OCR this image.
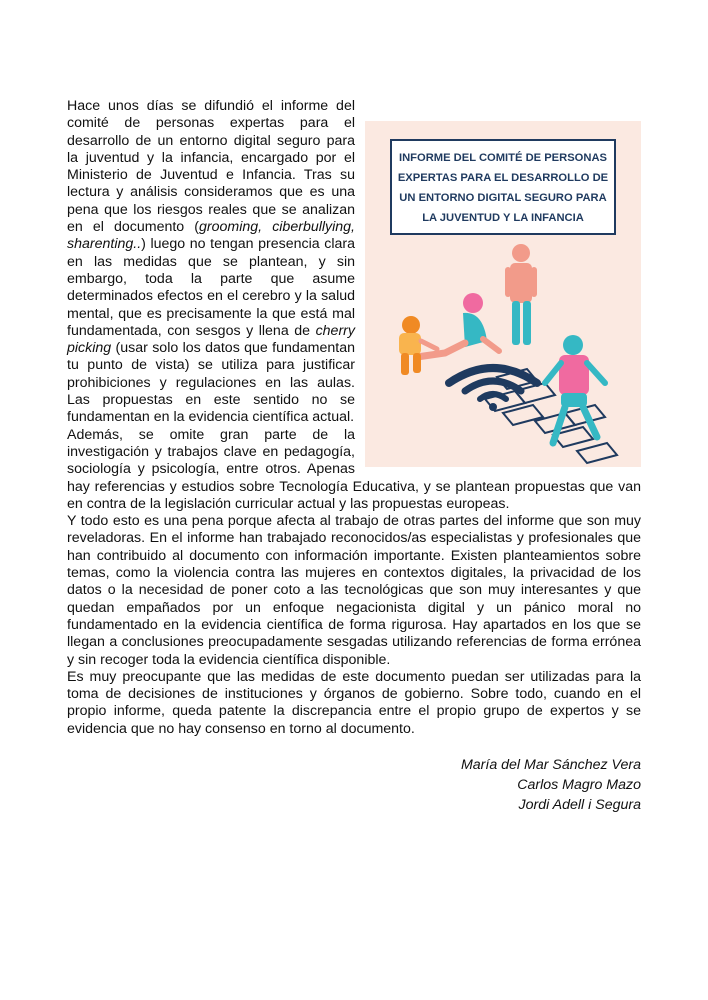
INFORME DEL COMITÉ DE PERSONAS
EXPERTAS PARA EL DESARROLLO DE
UN ENTORNO DIGITAL SEGURO PARA
LA JUVENTUD Y LA INFANCIA

Hace unos días se difundió el informe del comité de personas expertas para el desarrollo de un entorno digital seguro para la juventud y la infancia, encargado por el Ministerio de Juventud e Infancia. Tras su lectura y análisis consideramos que es una pena que los riesgos reales que se analizan en el documento (grooming, ciberbullying, sharenting..) luego no tengan presencia clara en las medidas que se plantean, y sin embargo, toda la parte que asume determinados efectos en el cerebro y la salud mental, que es precisamente la que está mal fundamentada, con sesgos y llena de cherry picking (usar solo los datos que fundamentan tu punto de vista) se utiliza para justificar prohibiciones y regulaciones en las aulas. Las propuestas en este sentido no se fundamentan en la evidencia científica actual.

Además, se omite gran parte de la investigación y trabajos clave en pedagogía, sociología y psicología, entre otros. Apenas hay referencias y estudios sobre Tecnología Educativa, y se plantean propuestas que van en contra de la legislación curricular actual y las propuestas europeas.

Y todo esto es una pena porque afecta al trabajo de otras partes del informe que son muy reveladoras. En el informe han trabajado reconocidos/as especialistas y profesionales que han contribuido al documento con información importante. Existen planteamientos sobre temas, como la violencia contra las mujeres en contextos digitales, la privacidad de los datos o la necesidad de poner coto a las tecnológicas que son muy interesantes y que quedan empañados por un enfoque negacionista digital y un pánico moral no fundamentado en la evidencia científica de forma rigurosa. Hay apartados en los que se llegan a conclusiones preocupadamente sesgadas utilizando referencias de forma errónea y sin recoger toda la evidencia científica disponible.

Es muy preocupante que las medidas de este documento puedan ser utilizadas para la toma de decisiones de instituciones y órganos de gobierno. Sobre todo, cuando en el propio informe, queda patente la discrepancia entre el propio grupo de expertos y se evidencia que no hay consenso en torno al documento.

María del Mar Sánchez Vera
Carlos Magro Mazo
Jordi Adell i Segura
